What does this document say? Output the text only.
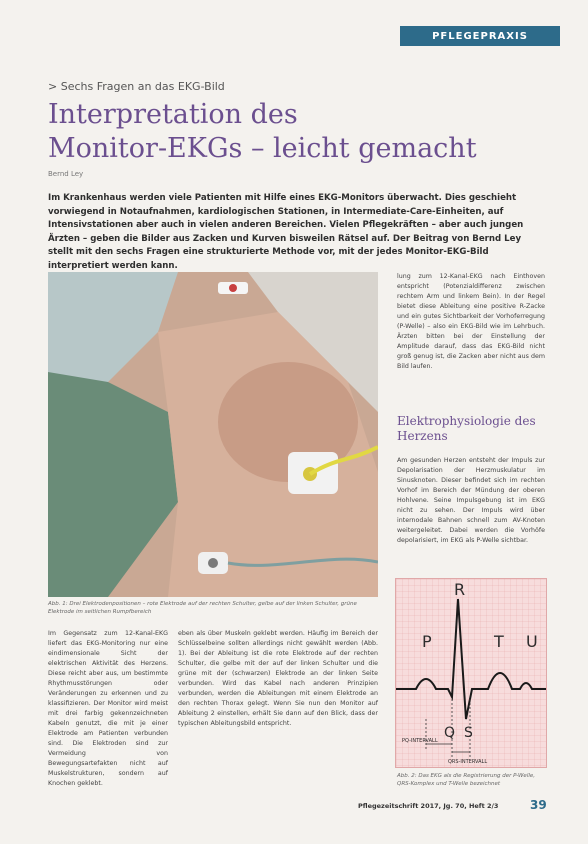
PFLEGEPRAXIS
> Sechs Fragen an das EKG-Bild
Interpretation des
Monitor-EKGs – leicht gemacht
Bernd Ley
Im Krankenhaus werden viele Patienten mit Hilfe eines EKG-Monitors überwacht. Dies geschieht vorwiegend in Notaufnahmen, kardiologischen Stationen, in Intermediate-Care-Einheiten, auf Intensivstationen aber auch in vielen anderen Bereichen. Vielen Pflegekräften – aber auch jungen Ärzten – geben die Bilder aus Zacken und Kurven bisweilen Rätsel auf. Der Beitrag von Bernd Ley stellt mit den sechs Fragen eine strukturierte Methode vor, mit der jedes Monitor-EKG-Bild interpretiert werden kann.
Abb. 1: Drei Elektrodenpositionen – rote Elektrode auf der rechten Schulter, gelbe auf der linken Schulter, grüne Elektrode im seitlichen Rumpfbereich
Im Gegensatz zum 12-Kanal-EKG liefert das EKG-Monitoring nur eine eindimensionale Sicht der elektrischen Aktivität des Herzens. Diese reicht aber aus, um bestimmte Rhythmusstörungen oder Veränderungen zu erkennen und zu klassifizieren. Der Monitor wird meist mit drei farbig gekennzeichneten Kabeln genutzt, die mit je einer Elektrode am Patienten verbunden sind. Die Elektroden sind zur Vermeidung von Bewegungsartefakten nicht auf Muskelstrukturen, sondern auf Knochen geklebt.
eben als über Muskeln geklebt werden. Häufig im Bereich der Schlüsselbeine sollten allerdings nicht gewählt werden (Abb. 1). Bei der Ableitung ist die rote Elektrode auf der rechten Schulter, die gelbe mit der auf der linken Schulter und die grüne mit der (schwarzen) Elektrode an der linken Seite verbunden. Wird das Kabel nach anderen Prinzipien verbunden, werden die Ableitungen mit einem Elektrode an den rechten Thorax gelegt. Wenn Sie nun den Monitor auf Ableitung 2 einstellen, erhält Sie dann auf den Blick, dass der typischen Ableitungsbild entspricht.
lung zum 12-Kanal-EKG nach Einthoven entspricht (Potenzialdifferenz zwischen rechtem Arm und linkem Bein). In der Regel bietet diese Ableitung eine positive R-Zacke und ein gutes Sichtbarkeit der Vorhoferregung (P-Welle) – also ein EKG-Bild wie im Lehrbuch. Ärzten bitten bei der Einstellung der Amplitude darauf, dass das EKG-Bild nicht groß genug ist, die Zacken aber nicht aus dem Bild laufen.
Elektrophysiologie des Herzens
Am gesunden Herzen entsteht der Impuls zur Depolarisation der Herzmuskulatur im Sinusknoten. Dieser befindet sich im rechten Vorhof im Bereich der Mündung der oberen Hohlvene. Seine Impulsgebung ist im EKG nicht zu sehen. Der Impuls wird über internodale Bahnen schnell zum AV-Knoten weitergeleitet. Dabei werden die Vorhöfe depolarisiert, im EKG als P-Welle sichtbar.
R
P	T U
Q S
PQ-INTERVALL
QRS-INTERVALL
Abb. 2: Das EKG als die Registrierung der P-Welle, QRS-Komplex und T-Welle bezeichnet
Pflegezeitschrift 2017, Jg. 70, Heft 2/3	39
